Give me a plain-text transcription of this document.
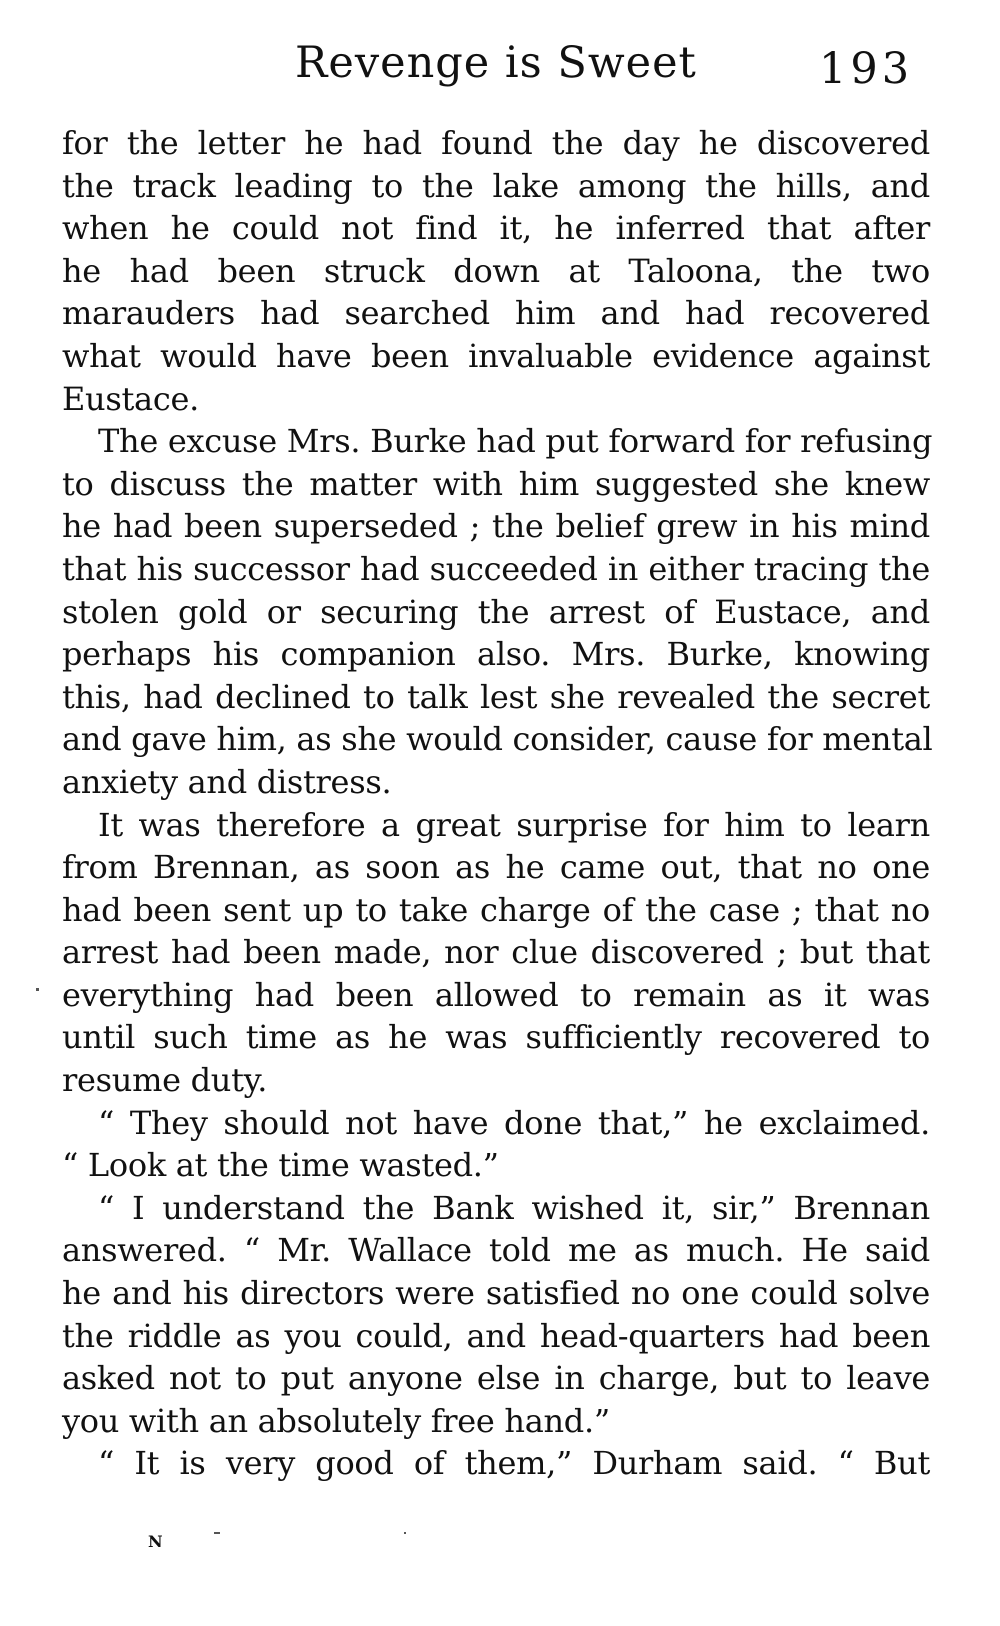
Revenge is Sweet	193
for the letter he had found the day he discovered
the track leading to the lake among the hills, and
when he could not find it, he inferred that after
he had been struck down at Taloona, the two
marauders had searched him and had recovered
what would have been invaluable evidence against
Eustace.
The excuse Mrs. Burke had put forward for refusing
to discuss the matter with him suggested she knew
he had been superseded ; the belief grew in his mind
that his successor had succeeded in either tracing the
stolen gold or securing the arrest of Eustace, and
perhaps his companion also. Mrs. Burke, knowing
this, had declined to talk lest she revealed the secret
and gave him, as she would consider, cause for mental
anxiety and distress.
It was therefore a great surprise for him to learn
from Brennan, as soon as he came out, that no one
had been sent up to take charge of the case ; that no
arrest had been made, nor clue discovered ; but that
everything had been allowed to remain as it was
until such time as he was sufficiently recovered to
resume duty.
“ They should not have done that,” he exclaimed.
“ Look at the time wasted.”
“ I understand the Bank wished it, sir,” Brennan
answered. “ Mr. Wallace told me as much. He said
he and his directors were satisfied no one could solve
the riddle as you could, and head-quarters had been
asked not to put anyone else in charge, but to leave
you with an absolutely free hand.”
“ It is very good of them,” Durham said. “ But
N
